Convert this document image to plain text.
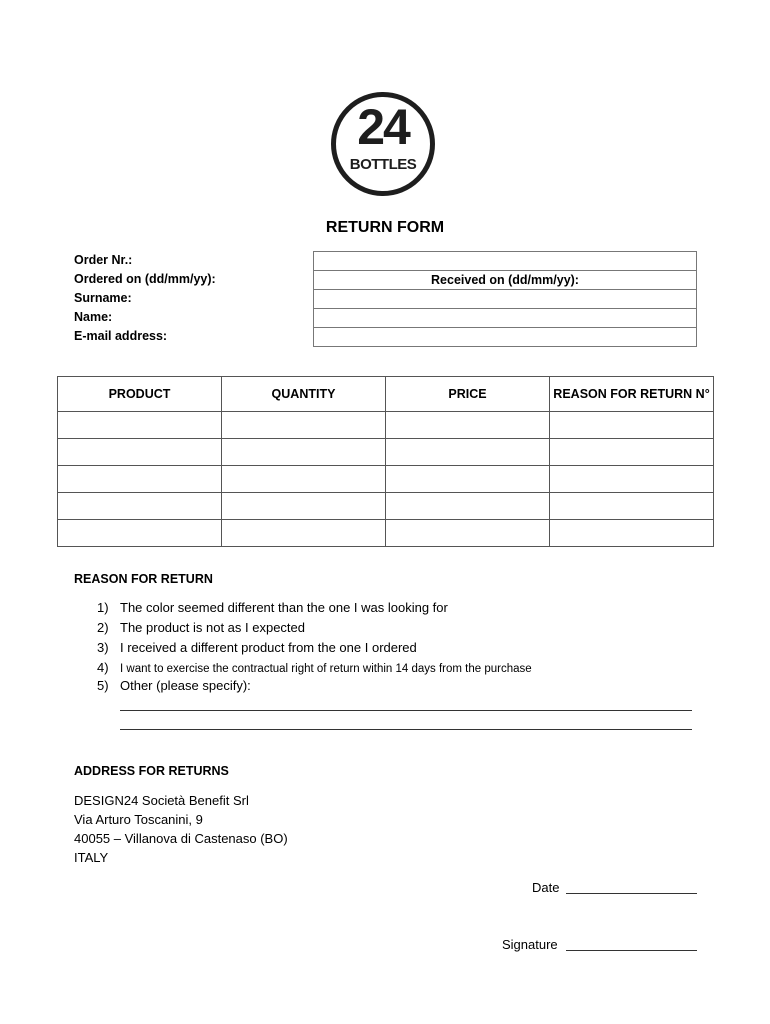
24
BOTTLES
RETURN FORM
Order Nr.:
Ordered on (dd/mm/yy):
Surname:
Name:
E-mail address:

Received on (dd/mm/yy):

PRODUCT	QUANTITY	PRICE	REASON FOR RETURN N°

REASON FOR RETURN
1) The color seemed different than the one I was looking for
2) The product is not as I expected
3) I received a different product from the one I ordered
4) I want to exercise the contractual right of return within 14 days from the purchase
5) Other (please specify):
ADDRESS FOR RETURNS
DESIGN24 Società Benefit Srl
Via Arturo Toscanini, 9
40055 – Villanova di Castenaso (BO)
ITALY
Date
Signature
